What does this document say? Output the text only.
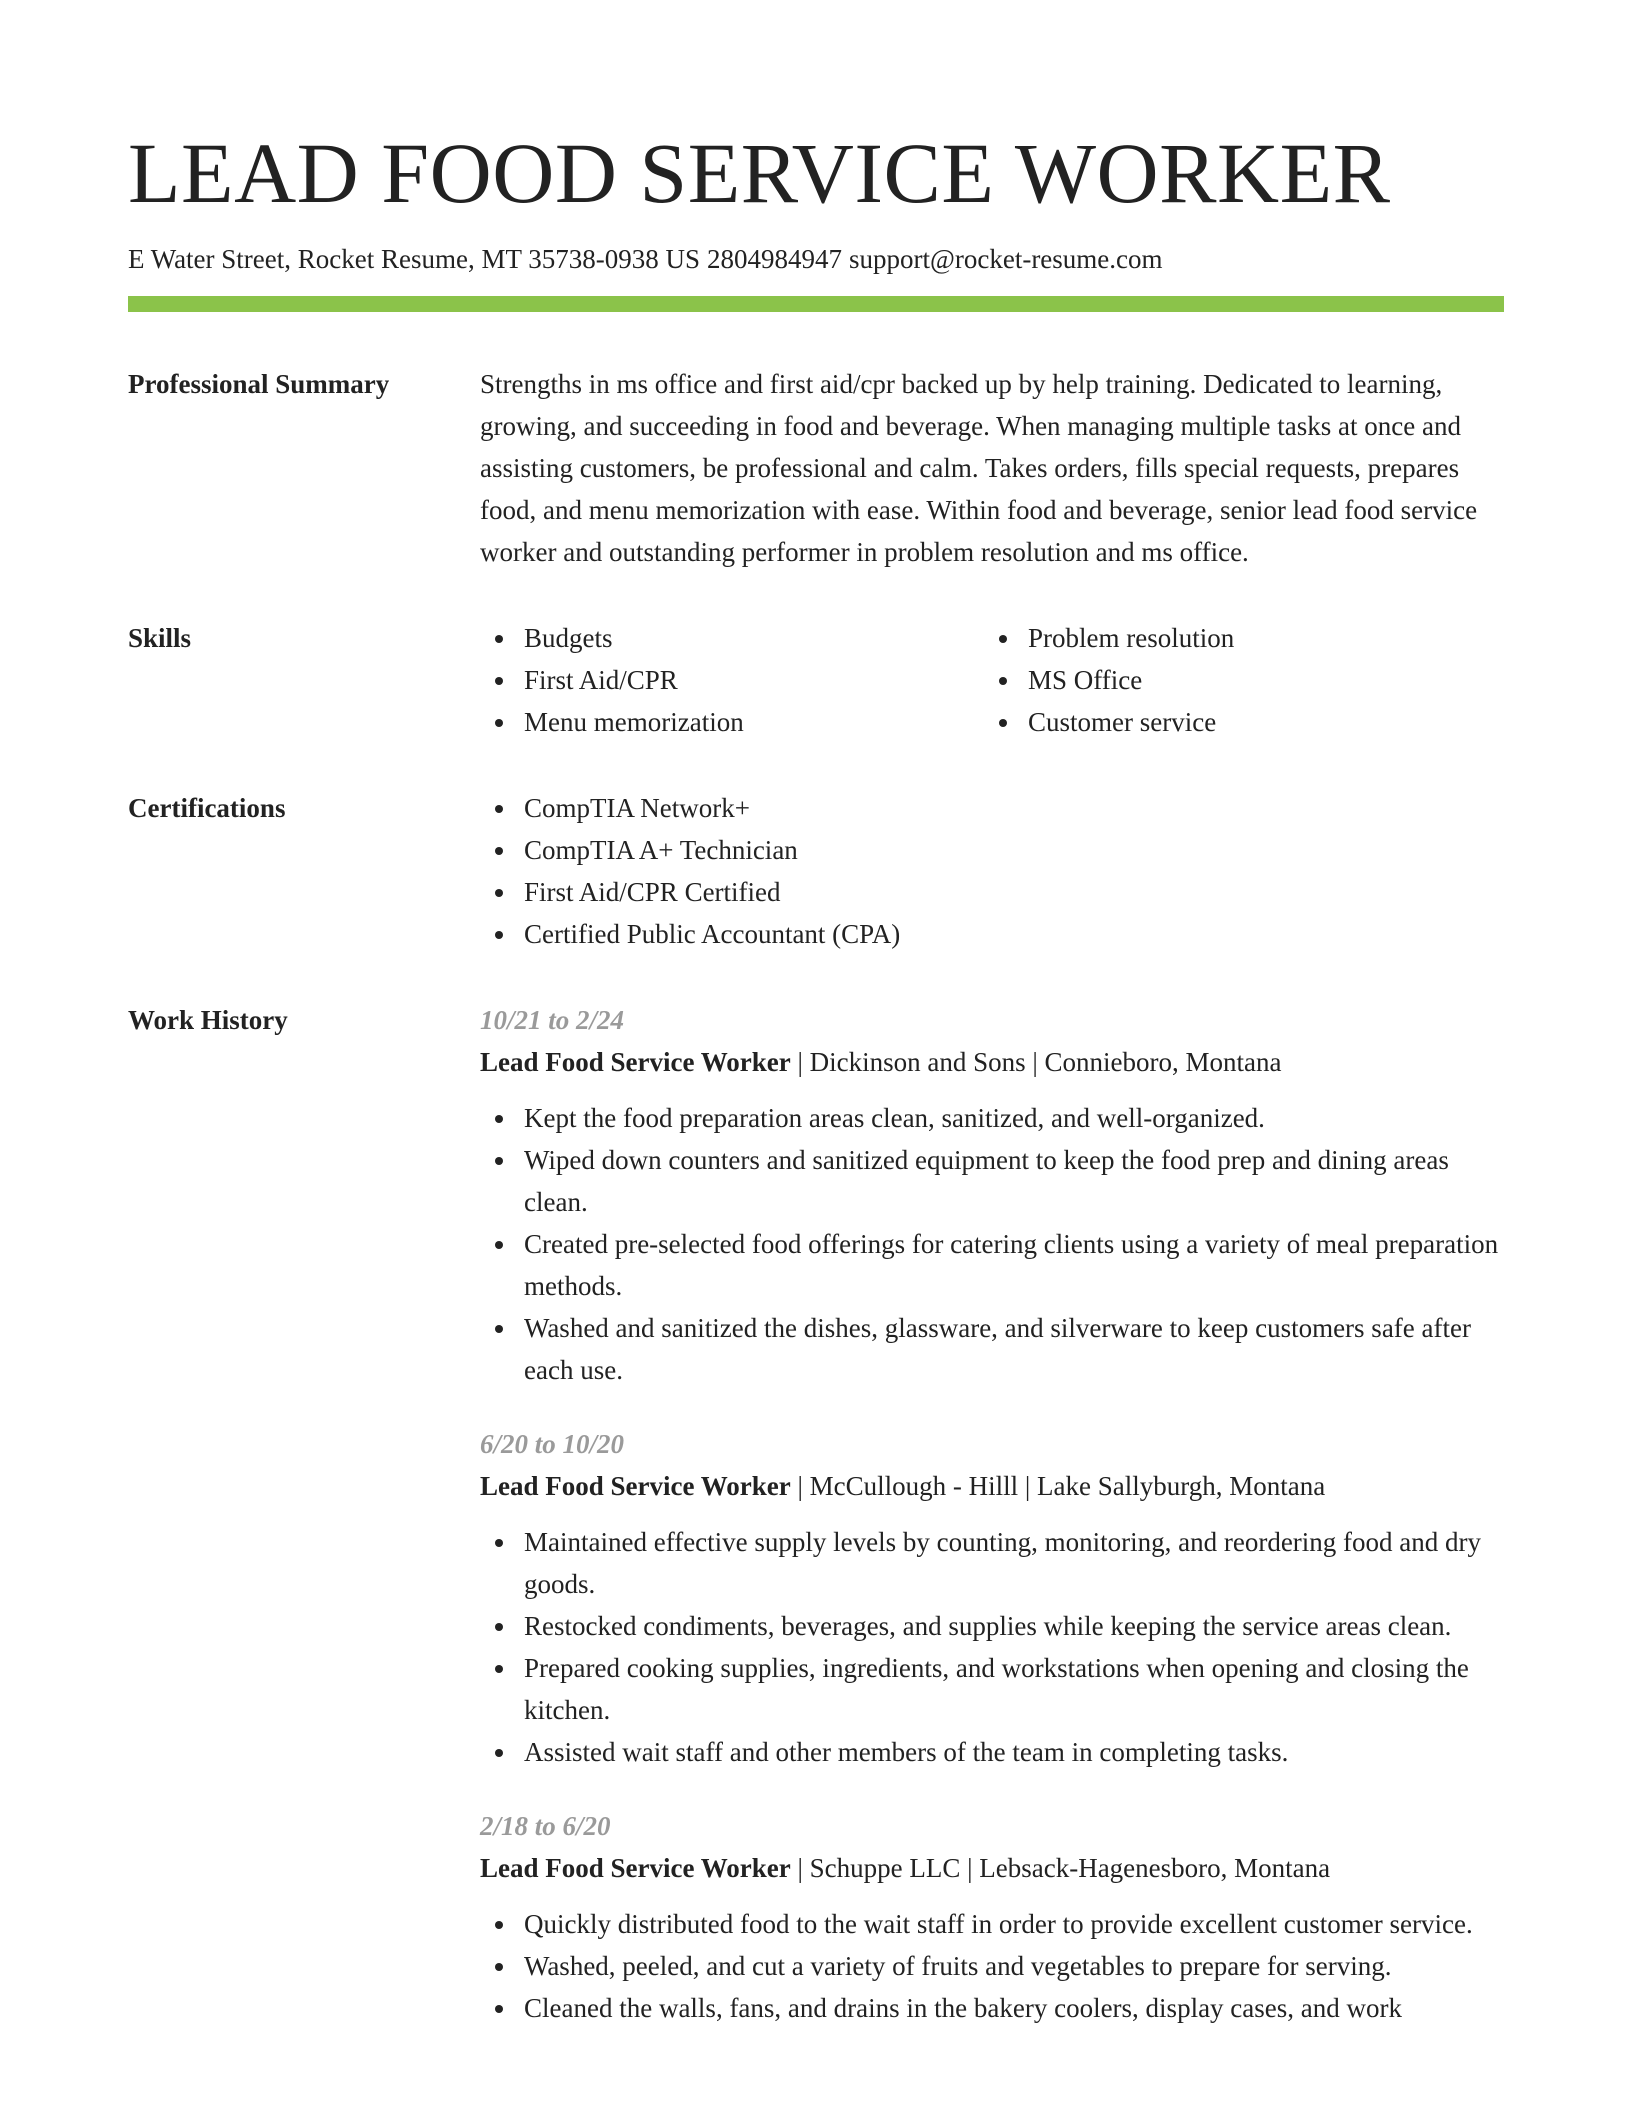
LEAD FOOD SERVICE WORKER
E Water Street, Rocket Resume, MT 35738-0938 US 2804984947 support@rocket-resume.com
Professional Summary	Strengths in ms office and first aid/cpr backed up by help training. Dedicated to learning, growing, and succeeding in food and beverage. When managing multiple tasks at once and assisting customers, be professional and calm. Takes orders, fills special requests, prepares food, and menu memorization with ease. Within food and beverage, senior lead food service worker and outstanding performer in problem resolution and ms office.
Skills	Budgets	Problem resolution
First Aid/CPR	MS Office
Menu memorization	Customer service
Certifications	CompTIA Network+
CompTIA A+ Technician
First Aid/CPR Certified
Certified Public Accountant (CPA)
Work History	10/21 to 2/24
Lead Food Service Worker | Dickinson and Sons | Connieboro, Montana
Kept the food preparation areas clean, sanitized, and well-organized.
Wiped down counters and sanitized equipment to keep the food prep and dining areas clean.
Created pre-selected food offerings for catering clients using a variety of meal preparation methods.
Washed and sanitized the dishes, glassware, and silverware to keep customers safe after each use.
6/20 to 10/20
Lead Food Service Worker | McCullough - Hilll | Lake Sallyburgh, Montana
Maintained effective supply levels by counting, monitoring, and reordering food and dry goods.
Restocked condiments, beverages, and supplies while keeping the service areas clean.
Prepared cooking supplies, ingredients, and workstations when opening and closing the kitchen.
Assisted wait staff and other members of the team in completing tasks.
2/18 to 6/20
Lead Food Service Worker | Schuppe LLC | Lebsack-Hagenesboro, Montana
Quickly distributed food to the wait staff in order to provide excellent customer service.
Washed, peeled, and cut a variety of fruits and vegetables to prepare for serving.
Cleaned the walls, fans, and drains in the bakery coolers, display cases, and work
